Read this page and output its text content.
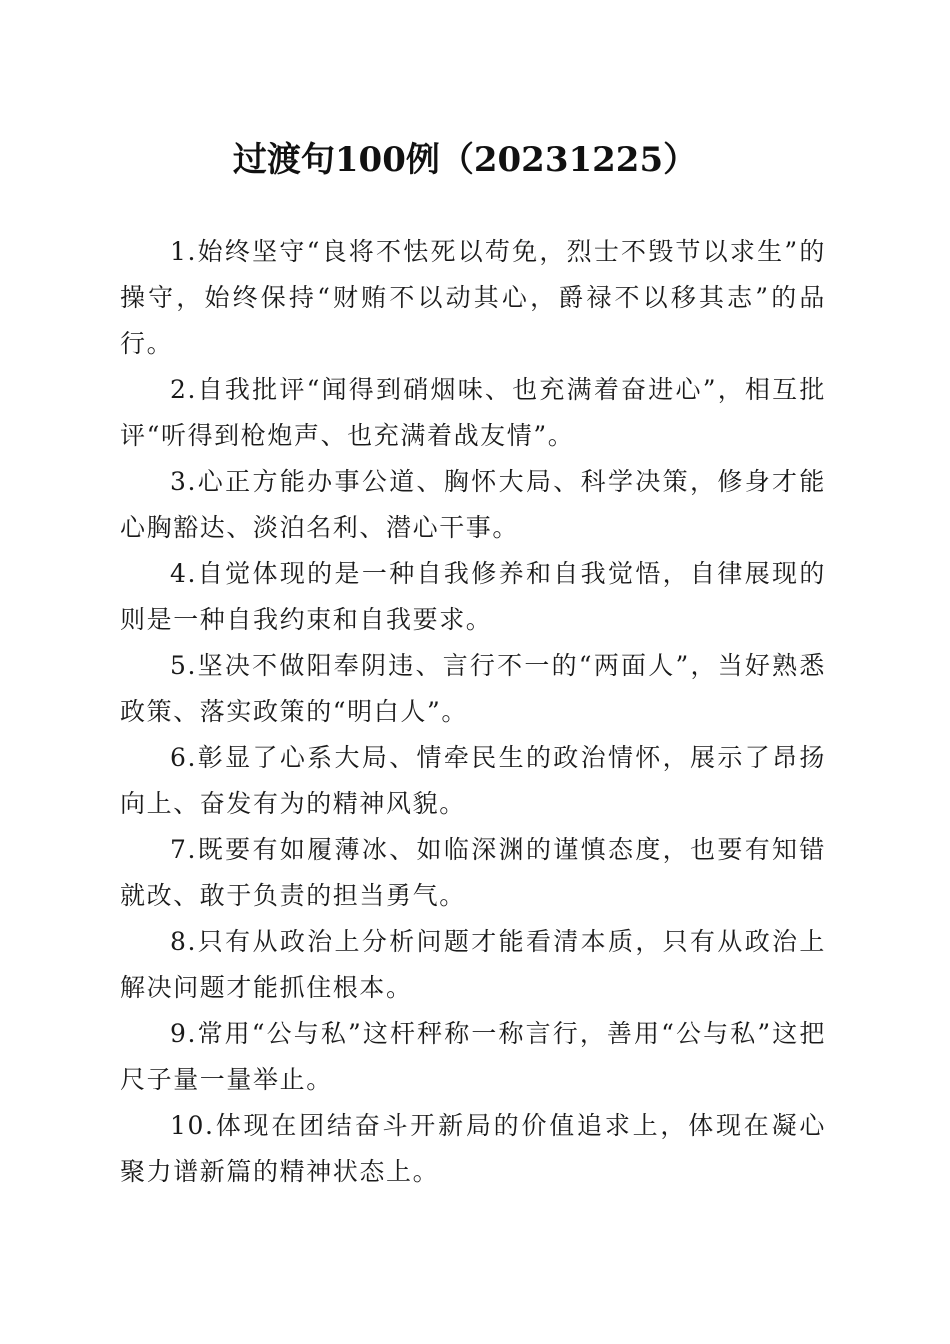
过渡句100例（20231225）

1.始终坚守“良将不怯死以苟免，烈士不毁节以求生”的操守，始终保持“财贿不以动其心，爵禄不以移其志”的品行。

2.自我批评“闻得到硝烟味、也充满着奋进心”，相互批评“听得到枪炮声、也充满着战友情”。

3.心正方能办事公道、胸怀大局、科学决策，修身才能心胸豁达、淡泊名利、潜心干事。

4.自觉体现的是一种自我修养和自我觉悟，自律展现的则是一种自我约束和自我要求。

5.坚决不做阳奉阴违、言行不一的“两面人”，当好熟悉政策、落实政策的“明白人”。

6.彰显了心系大局、情牵民生的政治情怀，展示了昂扬向上、奋发有为的精神风貌。

7.既要有如履薄冰、如临深渊的谨慎态度，也要有知错就改、敢于负责的担当勇气。

8.只有从政治上分析问题才能看清本质，只有从政治上解决问题才能抓住根本。

9.常用“公与私”这杆秤称一称言行，善用“公与私”这把尺子量一量举止。

10.体现在团结奋斗开新局的价值追求上，体现在凝心聚力谱新篇的精神状态上。
